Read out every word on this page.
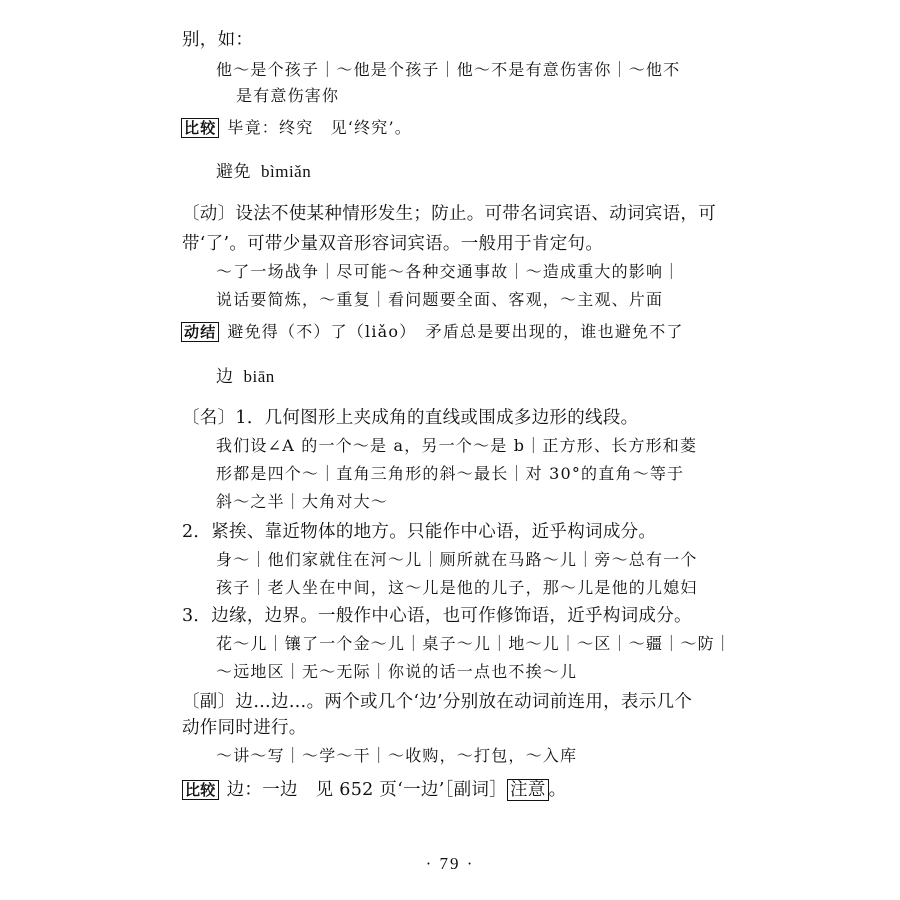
别，如：
他～是个孩子｜～他是个孩子｜他～不是有意伤害你｜～他不
是有意伤害你
比较 毕竟：终究　见‘终究’。
避免 bìmiǎn
〔动〕设法不使某种情形发生；防止。可带名词宾语、动词宾语，可
带‘了’。可带少量双音形容词宾语。一般用于肯定句。
～了一场战争｜尽可能～各种交通事故｜～造成重大的影响｜
说话要简炼，～重复｜看问题要全面、客观，～主观、片面
动结 避免得（不）了（liǎo）　矛盾总是要出现的，谁也避免不了
边 biān
〔名〕1．几何图形上夹成角的直线或围成多边形的线段。
我们设∠A 的一个～是 a，另一个～是 b｜正方形、长方形和菱
形都是四个～｜直角三角形的斜～最长｜对 30°的直角～等于
斜～之半｜大角对大～
2．紧挨、靠近物体的地方。只能作中心语，近乎构词成分。
身～｜他们家就住在河～儿｜厕所就在马路～儿｜旁～总有一个
孩子｜老人坐在中间，这～儿是他的儿子，那～儿是他的儿媳妇
3．边缘，边界。一般作中心语，也可作修饰语，近乎构词成分。
花～儿｜镶了一个金～儿｜桌子～儿｜地～儿｜～区｜～疆｜～防｜
～远地区｜无～无际｜你说的话一点也不挨～儿
〔副〕边…边…。两个或几个‘边’分别放在动词前连用，表示几个
动作同时进行。
～讲～写｜～学～干｜～收购，～打包，～入库
比较 边：一边　见 652 页‘一边’［副词］ 注意 。
· 79 ·
